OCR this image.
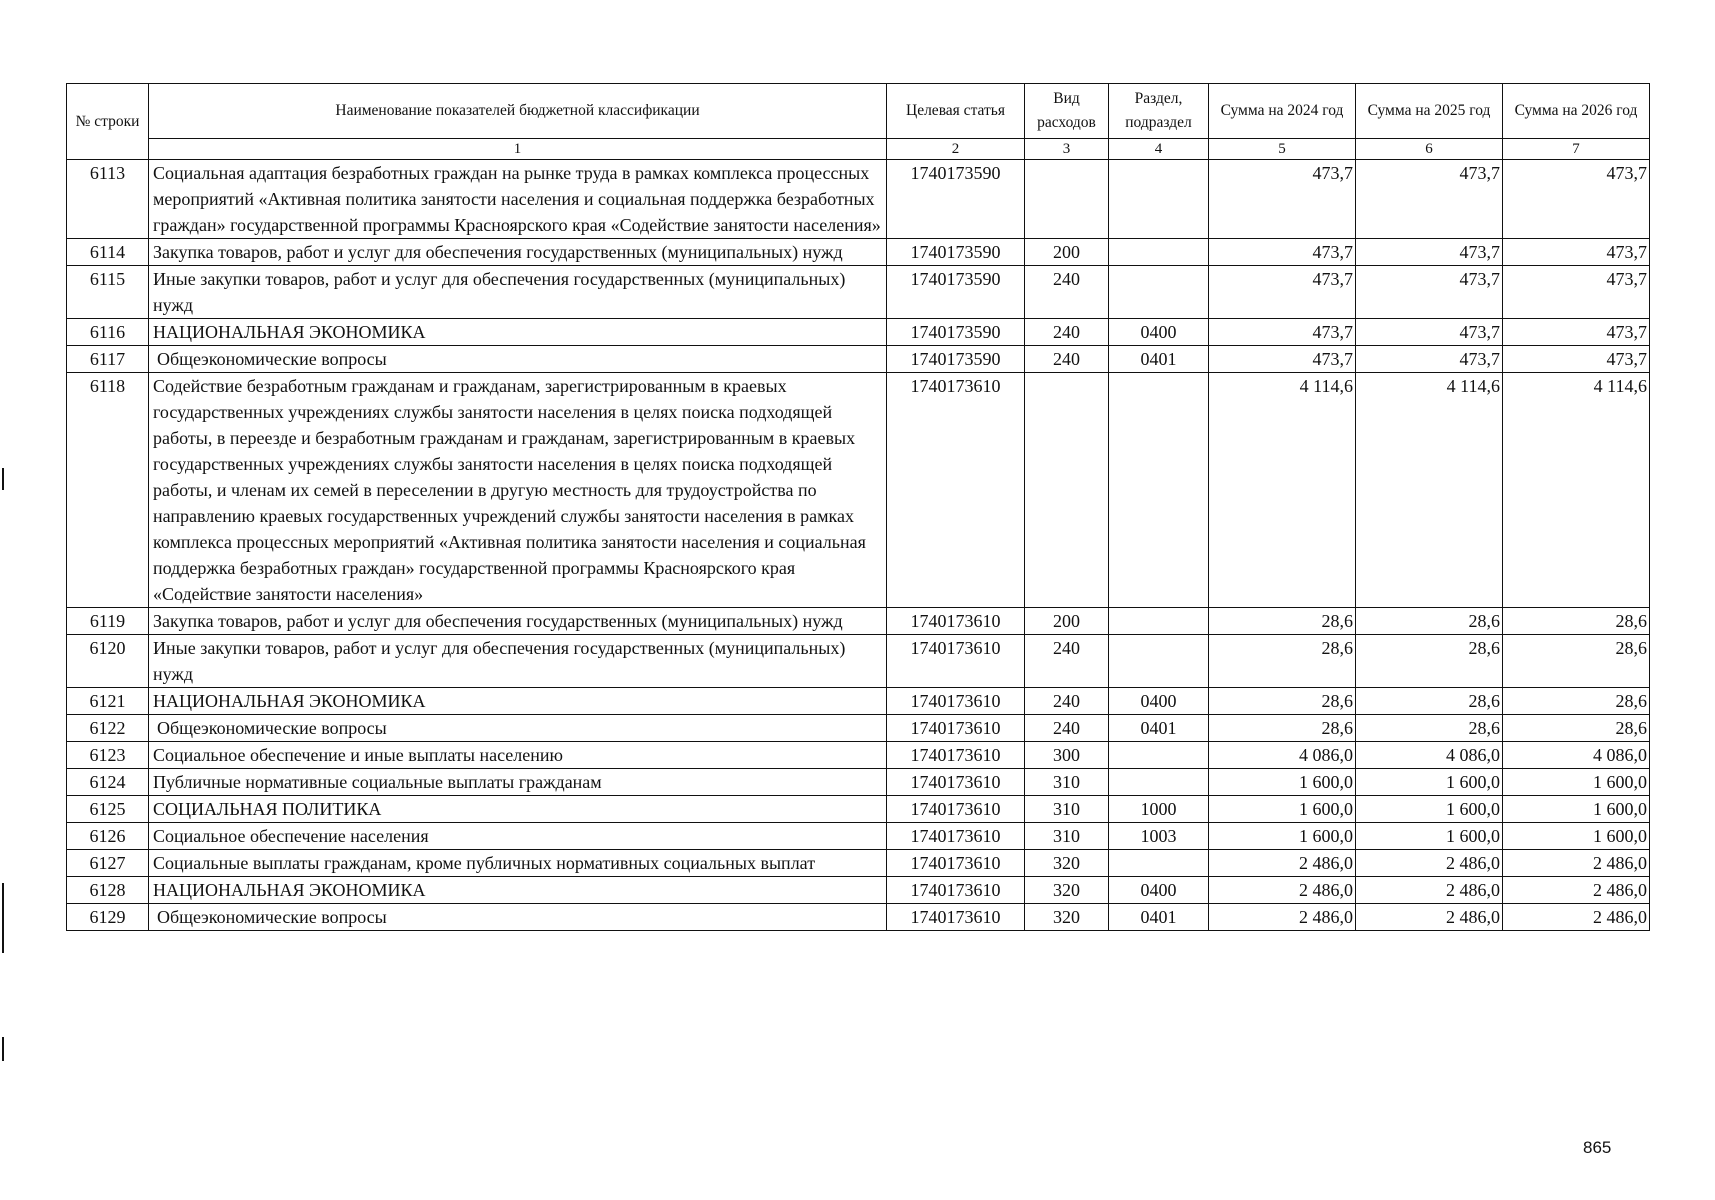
№ строки	Наименование показателей бюджетной классификации	Целевая статья	Вид расходов	Раздел, подраздел	Сумма на 2024 год	Сумма на 2025 год	Сумма на 2026 год
	1	2	3	4	5	6	7
6113	Социальная адаптация безработных граждан на рынке труда в рамках комплекса процессных мероприятий «Активная политика занятости населения и социальная поддержка безработных граждан» государственной программы Красноярского края «Содействие занятости населения»	1740173590			473,7	473,7	473,7
6114	Закупка товаров, работ и услуг для обеспечения государственных (муниципальных) нужд	1740173590	200		473,7	473,7	473,7
6115	Иные закупки товаров, работ и услуг для обеспечения государственных (муниципальных) нужд	1740173590	240		473,7	473,7	473,7
6116	НАЦИОНАЛЬНАЯ ЭКОНОМИКА	1740173590	240	0400	473,7	473,7	473,7
6117	Общеэкономические вопросы	1740173590	240	0401	473,7	473,7	473,7
6118	Содействие безработным гражданам и гражданам, зарегистрированным в краевых государственных учреждениях службы занятости населения в целях поиска подходящей работы, в переезде и безработным гражданам и гражданам, зарегистрированным в краевых государственных учреждениях службы занятости населения в целях поиска подходящей работы, и членам их семей в переселении в другую местность для трудоустройства по направлению краевых государственных учреждений службы занятости населения в рамках комплекса процессных мероприятий «Активная политика занятости населения и социальная поддержка безработных граждан» государственной программы Красноярского края «Содействие занятости населения»	1740173610			4 114,6	4 114,6	4 114,6
6119	Закупка товаров, работ и услуг для обеспечения государственных (муниципальных) нужд	1740173610	200		28,6	28,6	28,6
6120	Иные закупки товаров, работ и услуг для обеспечения государственных (муниципальных) нужд	1740173610	240		28,6	28,6	28,6
6121	НАЦИОНАЛЬНАЯ ЭКОНОМИКА	1740173610	240	0400	28,6	28,6	28,6
6122	Общеэкономические вопросы	1740173610	240	0401	28,6	28,6	28,6
6123	Социальное обеспечение и иные выплаты населению	1740173610	300		4 086,0	4 086,0	4 086,0
6124	Публичные нормативные социальные выплаты гражданам	1740173610	310		1 600,0	1 600,0	1 600,0
6125	СОЦИАЛЬНАЯ ПОЛИТИКА	1740173610	310	1000	1 600,0	1 600,0	1 600,0
6126	Социальное обеспечение населения	1740173610	310	1003	1 600,0	1 600,0	1 600,0
6127	Социальные выплаты гражданам, кроме публичных нормативных социальных выплат	1740173610	320		2 486,0	2 486,0	2 486,0
6128	НАЦИОНАЛЬНАЯ ЭКОНОМИКА	1740173610	320	0400	2 486,0	2 486,0	2 486,0
6129	Общеэкономические вопросы	1740173610	320	0401	2 486,0	2 486,0	2 486,0
865
